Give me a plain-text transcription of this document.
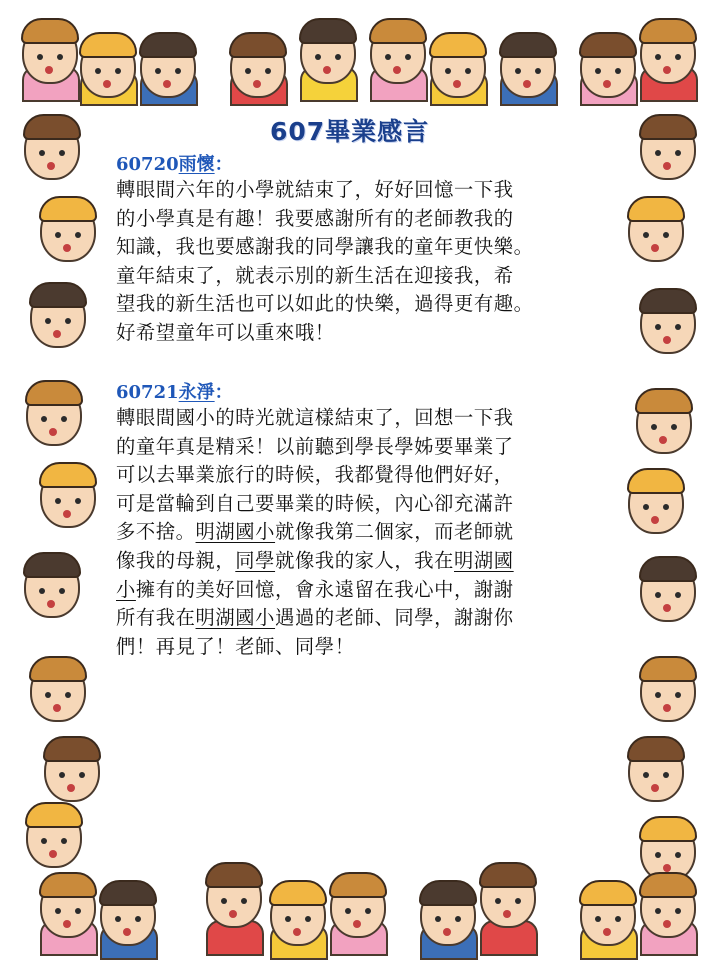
607畢業感言
60720雨懷：
轉眼間六年的小學就結束了，好好回憶一下我
的小學真是有趣！我要感謝所有的老師教我的
知識，我也要感謝我的同學讓我的童年更快樂。
童年結束了，就表示別的新生活在迎接我，希
望我的新生活也可以如此的快樂，過得更有趣。
好希望童年可以重來哦！
60721永淨：
轉眼間國小的時光就這樣結束了，回想一下我
的童年真是精采！以前聽到學長學姊要畢業了
可以去畢業旅行的時候，我都覺得他們好好，
可是當輪到自己要畢業的時候，內心卻充滿許
多不捨。明湖國小就像我第二個家，而老師就
像我的母親，同學就像我的家人，我在明湖國
小擁有的美好回憶，會永遠留在我心中，謝謝
所有我在明湖國小遇過的老師、同學，謝謝你
們！再見了！老師、同學！
